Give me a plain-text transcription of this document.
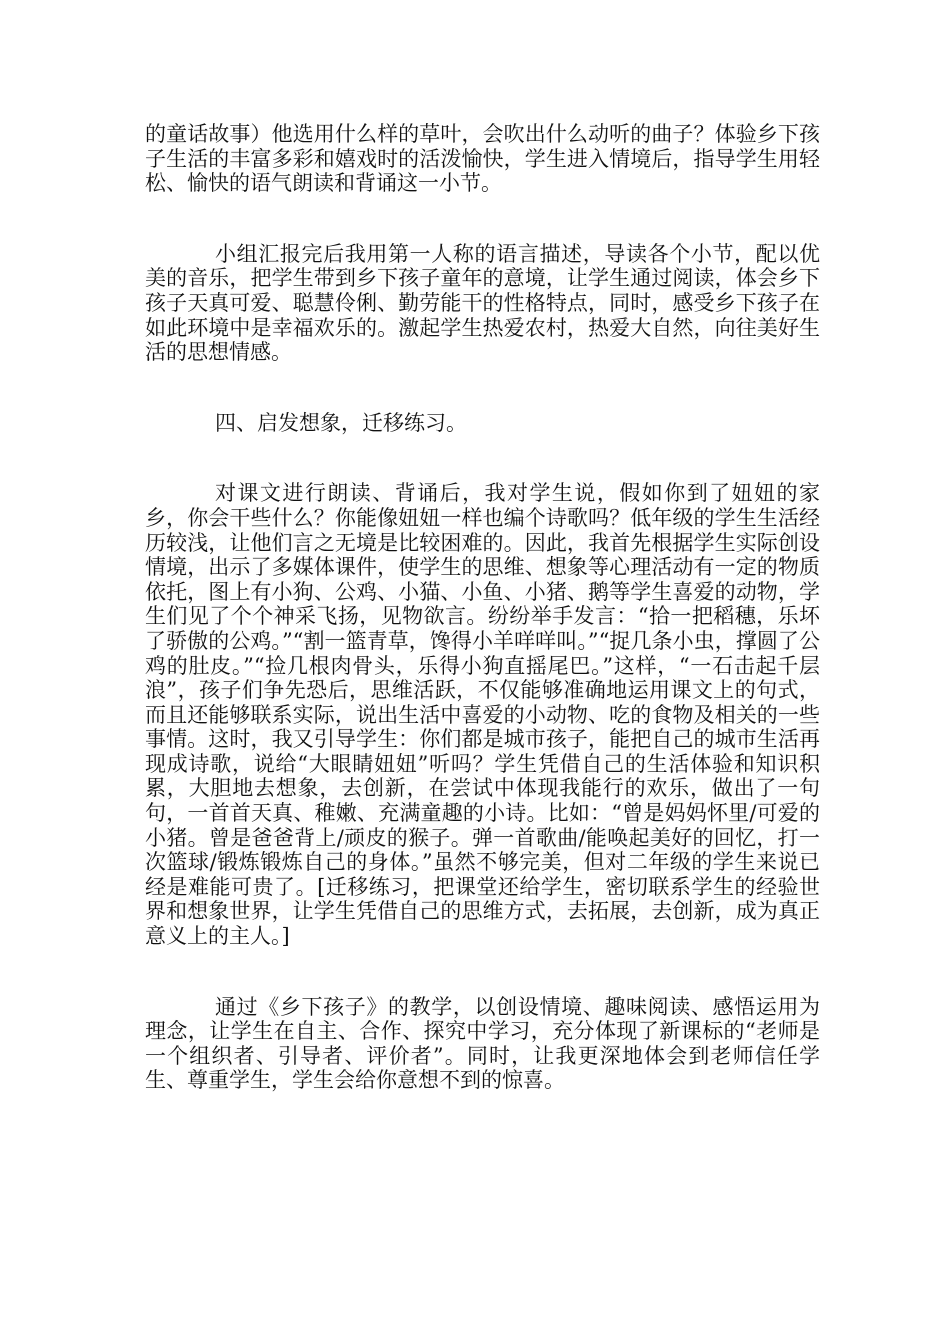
的童话故事）他选用什么样的草叶，会吹出什么动听的曲子？体验乡下孩子生活的丰富多彩和嬉戏时的活泼愉快，学生进入情境后，指导学生用轻松、愉快的语气朗读和背诵这一小节。

小组汇报完后我用第一人称的语言描述，导读各个小节，配以优美的音乐，把学生带到乡下孩子童年的意境，让学生通过阅读，体会乡下孩子天真可爱、聪慧伶俐、勤劳能干的性格特点，同时，感受乡下孩子在如此环境中是幸福欢乐的。激起学生热爱农村，热爱大自然，向往美好生活的思想情感。

四、启发想象，迁移练习。

对课文进行朗读、背诵后，我对学生说，假如你到了妞妞的家乡，你会干些什么？你能像妞妞一样也编个诗歌吗？低年级的学生生活经历较浅，让他们言之无境是比较困难的。因此，我首先根据学生实际创设情境，出示了多媒体课件，使学生的思维、想象等心理活动有一定的物质依托，图上有小狗、公鸡、小猫、小鱼、小猪、鹅等学生喜爱的动物，学生们见了个个神采飞扬，见物欲言。纷纷举手发言：“拾一把稻穗，乐坏了骄傲的公鸡。”“割一篮青草，馋得小羊咩咩叫。”“捉几条小虫，撑圆了公鸡的肚皮。”“捡几根肉骨头，乐得小狗直摇尾巴。”这样，“一石击起千层浪”，孩子们争先恐后，思维活跃，不仅能够准确地运用课文上的句式，而且还能够联系实际，说出生活中喜爱的小动物、吃的食物及相关的一些事情。这时，我又引导学生：你们都是城市孩子，能把自己的城市生活再现成诗歌，说给“大眼睛妞妞”听吗？学生凭借自己的生活体验和知识积累，大胆地去想象，去创新，在尝试中体现我能行的欢乐，做出了一句句，一首首天真、稚嫩、充满童趣的小诗。比如：“曾是妈妈怀里/可爱的小猪。曾是爸爸背上/顽皮的猴子。弹一首歌曲/能唤起美好的回忆，打一次篮球/锻炼锻炼自己的身体。”虽然不够完美，但对二年级的学生来说已经是难能可贵了。[迁移练习，把课堂还给学生，密切联系学生的经验世界和想象世界，让学生凭借自己的思维方式，去拓展，去创新，成为真正意义上的主人。]

通过《乡下孩子》的教学，以创设情境、趣味阅读、感悟运用为理念，让学生在自主、合作、探究中学习，充分体现了新课标的“老师是一个组织者、引导者、评价者”。同时，让我更深地体会到老师信任学生、尊重学生，学生会给你意想不到的惊喜。
